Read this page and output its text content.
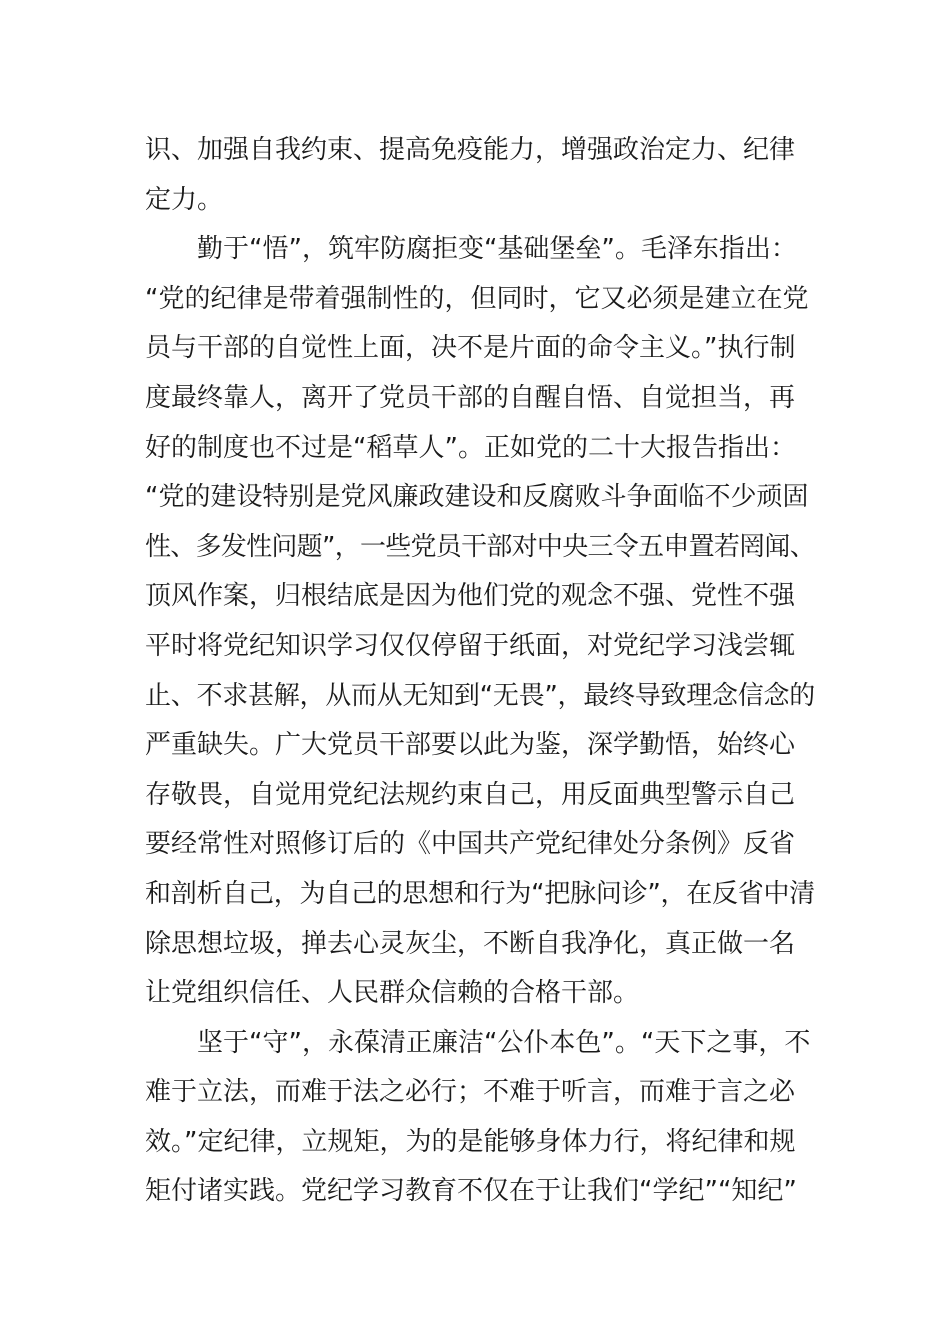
识、加强自我约束、提高免疫能力，增强政治定力、纪律
定力。
勤于“悟”，筑牢防腐拒变“基础堡垒”。毛泽东指出：
“党的纪律是带着强制性的，但同时，它又必须是建立在党
员与干部的自觉性上面，决不是片面的命令主义。”执行制
度最终靠人，离开了党员干部的自醒自悟、自觉担当，再
好的制度也不过是“稻草人”。正如党的二十大报告指出：
“党的建设特别是党风廉政建设和反腐败斗争面临不少顽固
性、多发性问题”，一些党员干部对中央三令五申置若罔闻、
顶风作案，归根结底是因为他们党的观念不强、党性不强
平时将党纪知识学习仅仅停留于纸面，对党纪学习浅尝辄
止、不求甚解，从而从无知到“无畏”，最终导致理念信念的
严重缺失。广大党员干部要以此为鉴，深学勤悟，始终心
存敬畏，自觉用党纪法规约束自己，用反面典型警示自己
要经常性对照修订后的《中国共产党纪律处分条例》反省
和剖析自己，为自己的思想和行为“把脉问诊”，在反省中清
除思想垃圾，掸去心灵灰尘，不断自我净化，真正做一名
让党组织信任、人民群众信赖的合格干部。
坚于“守”，永葆清正廉洁“公仆本色”。“天下之事，不
难于立法，而难于法之必行；不难于听言，而难于言之必
效。”定纪律，立规矩，为的是能够身体力行，将纪律和规
矩付诸实践。党纪学习教育不仅在于让我们“学纪”“知纪”
